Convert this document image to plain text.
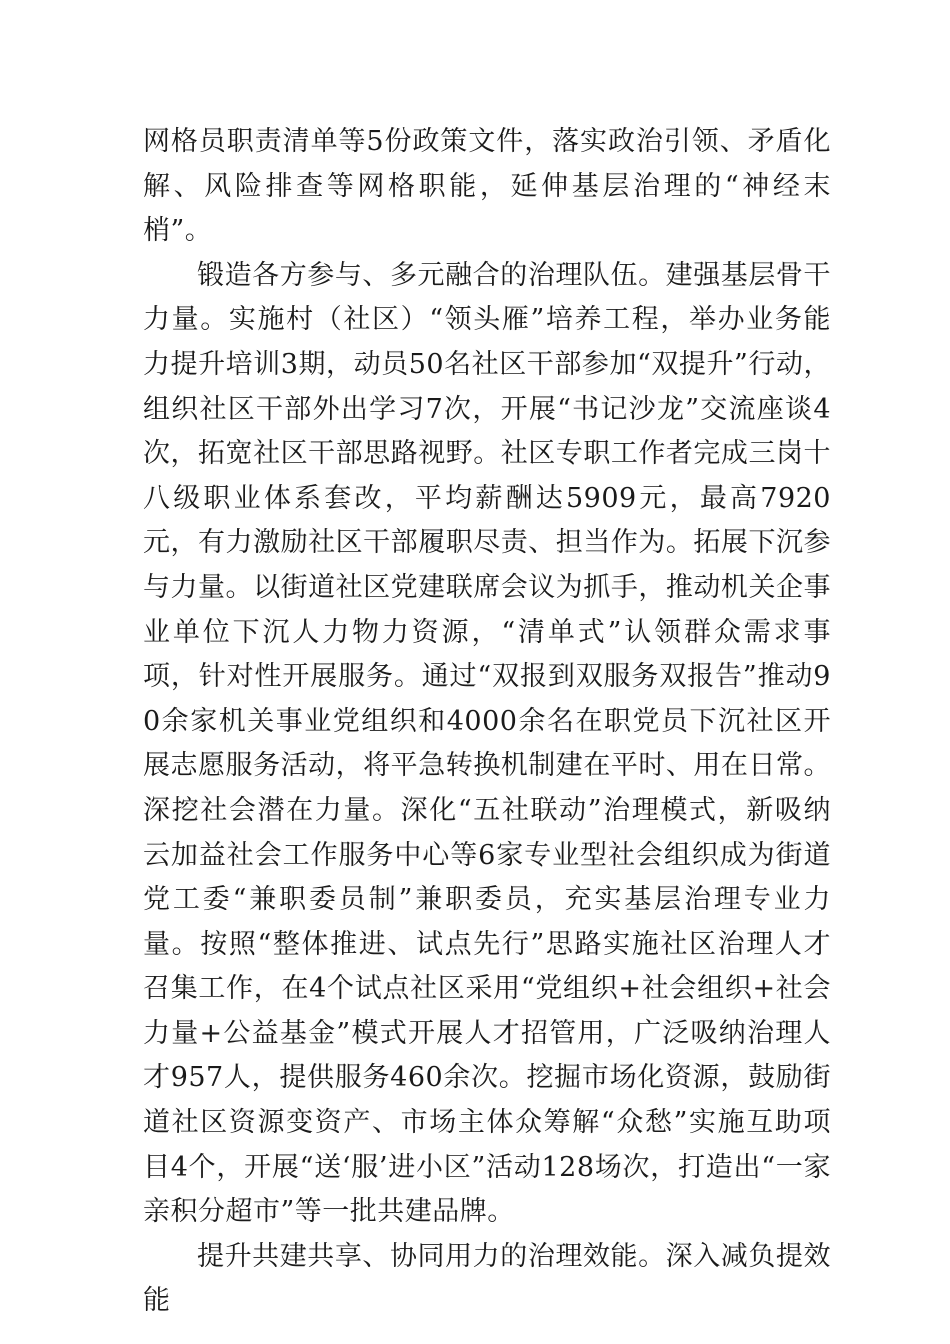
网格员职责清单等5份政策文件，落实政治引领、矛盾化解、风险排查等网格职能，延伸基层治理的“神经末梢”。

锻造各方参与、多元融合的治理队伍。建强基层骨干力量。实施村（社区）“领头雁”培养工程，举办业务能力提升培训3期，动员50名社区干部参加“双提升”行动，组织社区干部外出学习7次，开展“书记沙龙”交流座谈4次，拓宽社区干部思路视野。社区专职工作者完成三岗十八级职业体系套改，平均薪酬达5909元，最高7920元，有力激励社区干部履职尽责、担当作为。拓展下沉参与力量。以街道社区党建联席会议为抓手，推动机关企事业单位下沉人力物力资源，“清单式”认领群众需求事项，针对性开展服务。通过“双报到双服务双报告”推动90余家机关事业党组织和4000余名在职党员下沉社区开展志愿服务活动，将平急转换机制建在平时、用在日常。深挖社会潜在力量。深化“五社联动”治理模式，新吸纳云加益社会工作服务中心等6家专业型社会组织成为街道党工委“兼职委员制”兼职委员，充实基层治理专业力量。按照“整体推进、试点先行”思路实施社区治理人才召集工作，在4个试点社区采用“党组织+社会组织+社会力量+公益基金”模式开展人才招管用，广泛吸纳治理人才957人，提供服务460余次。挖掘市场化资源，鼓励街道社区资源变资产、市场主体众筹解“众愁”实施互助项目4个，开展“送‘服’进小区”活动128场次，打造出“一家亲积分超市”等一批共建品牌。

提升共建共享、协同用力的治理效能。深入减负提效能
